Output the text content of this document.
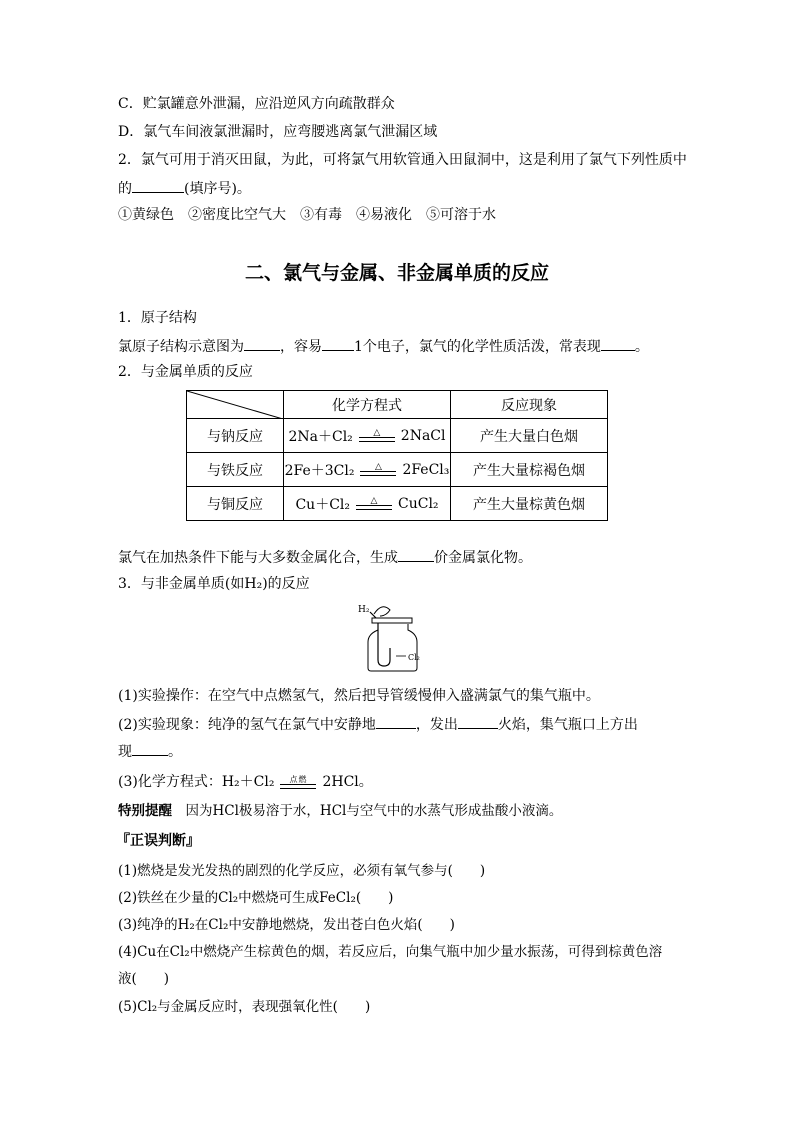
C．贮氯罐意外泄漏，应沿逆风方向疏散群众
D．氯气车间液氯泄漏时，应弯腰逃离氯气泄漏区域
2．氯气可用于消灭田鼠，为此，可将氯气用软管通入田鼠洞中，这是利用了氯气下列性质中
的	(填序号)。
①黄绿色　②密度比空气大　③有毒　④易液化　⑤可溶于水
二、氯气与金属、非金属单质的反应
1．原子结构
氯原子结构示意图为	，容易 1个电子，氯气的化学性质活泼，常表现 。
2．与金属单质的反应
	化学方程式	反应现象
与钠反应	2Na＋Cl₂ △ 2NaCl	产生大量白色烟
与铁反应	2Fe＋3Cl₂ △ 2FeCl₃	产生大量棕褐色烟
与铜反应	Cu＋Cl₂ △ CuCl₂	产生大量棕黄色烟
氯气在加热条件下能与大多数金属化合，生成	价金属氯化物。
3．与非金属单质(如H₂)的反应
H₂
Cl₂
(1)实验操作：在空气中点燃氢气，然后把导管缓慢伸入盛满氯气的集气瓶中。
(2)实验现象：纯净的氢气在氯气中安静地	，发出	火焰，集气瓶口上方出
现	。
(3)化学方程式：H₂＋Cl₂ 点燃 2HCl。
特别提醒　 因为HCl极易溶于水，HCl与空气中的水蒸气形成盐酸小液滴。
『正误判断』
(1)燃烧是发光发热的剧烈的化学反应，必须有氧气参与(　　)
(2)铁丝在少量的Cl₂中燃烧可生成FeCl₂(　　)
(3)纯净的H₂在Cl₂中安静地燃烧，发出苍白色火焰(　　)
(4)Cu在Cl₂中燃烧产生棕黄色的烟，若反应后，向集气瓶中加少量水振荡，可得到棕黄色溶
液(　　)
(5)Cl₂与金属反应时，表现强氧化性(　　)
